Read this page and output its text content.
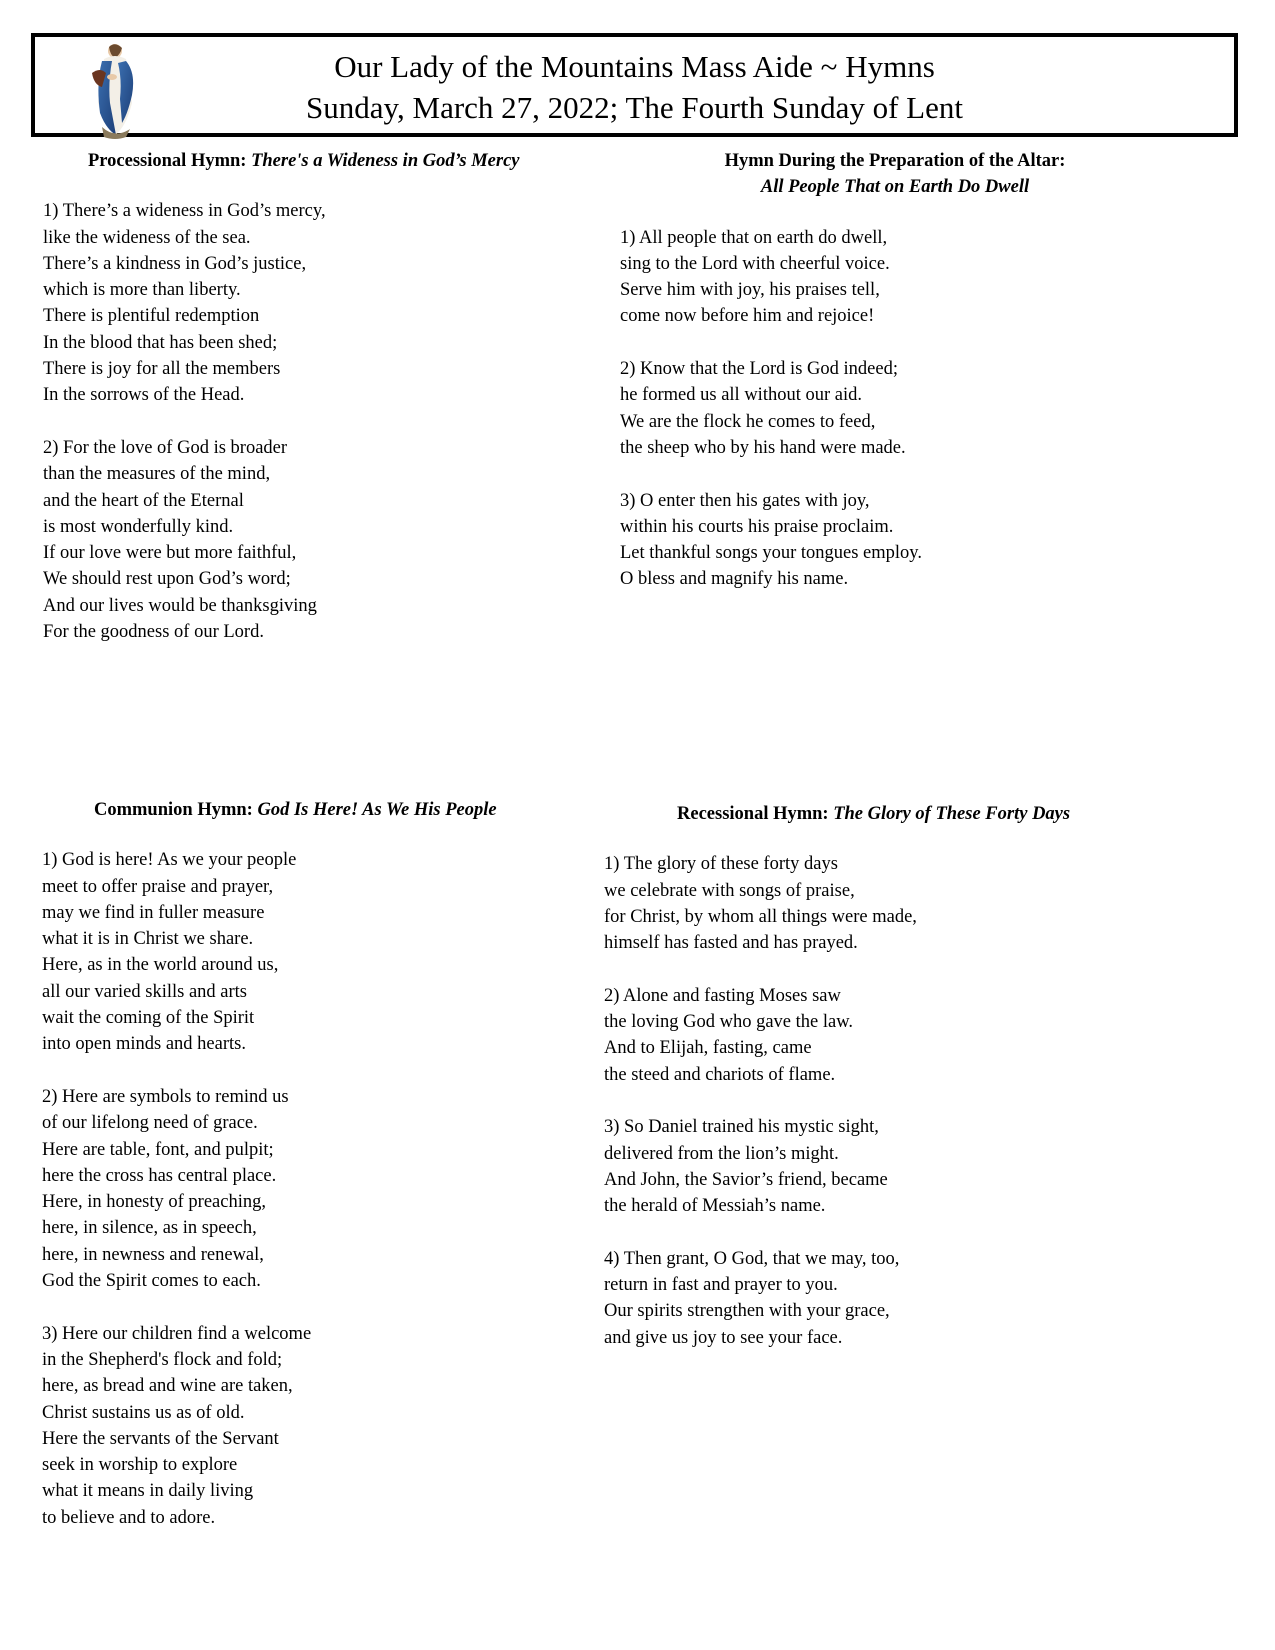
Our Lady of the Mountains Mass Aide ~ Hymns
Sunday, March 27, 2022; The Fourth Sunday of Lent
Processional Hymn: There's a Wideness in God’s Mercy
1) There’s a wideness in God’s mercy,
like the wideness of the sea.
There’s a kindness in God’s justice,
which is more than liberty.
There is plentiful redemption
In the blood that has been shed;
There is joy for all the members
In the sorrows of the Head.
2) For the love of God is broader
than the measures of the mind,
and the heart of the Eternal
is most wonderfully kind.
If our love were but more faithful,
We should rest upon God’s word;
And our lives would be thanksgiving
For the goodness of our Lord.
Hymn During the Preparation of the Altar:
All People That on Earth Do Dwell
1) All people that on earth do dwell,
sing to the Lord with cheerful voice.
Serve him with joy, his praises tell,
come now before him and rejoice!
2) Know that the Lord is God indeed;
he formed us all without our aid.
We are the flock he comes to feed,
the sheep who by his hand were made.
3) O enter then his gates with joy,
within his courts his praise proclaim.
Let thankful songs your tongues employ.
O bless and magnify his name.
Communion Hymn: God Is Here! As We His People
1) God is here! As we your people
meet to offer praise and prayer,
may we find in fuller measure
what it is in Christ we share.
Here, as in the world around us,
all our varied skills and arts
wait the coming of the Spirit
into open minds and hearts.
2) Here are symbols to remind us
of our lifelong need of grace.
Here are table, font, and pulpit;
here the cross has central place.
Here, in honesty of preaching,
here, in silence, as in speech,
here, in newness and renewal,
God the Spirit comes to each.
3) Here our children find a welcome
in the Shepherd's flock and fold;
here, as bread and wine are taken,
Christ sustains us as of old.
Here the servants of the Servant
seek in worship to explore
what it means in daily living
to believe and to adore.
Recessional Hymn: The Glory of These Forty Days
1) The glory of these forty days
we celebrate with songs of praise,
for Christ, by whom all things were made,
himself has fasted and has prayed.
2) Alone and fasting Moses saw
the loving God who gave the law.
And to Elijah, fasting, came
the steed and chariots of flame.
3) So Daniel trained his mystic sight,
delivered from the lion’s might.
And John, the Savior’s friend, became
the herald of Messiah’s name.
4) Then grant, O God, that we may, too,
return in fast and prayer to you.
Our spirits strengthen with your grace,
and give us joy to see your face.
